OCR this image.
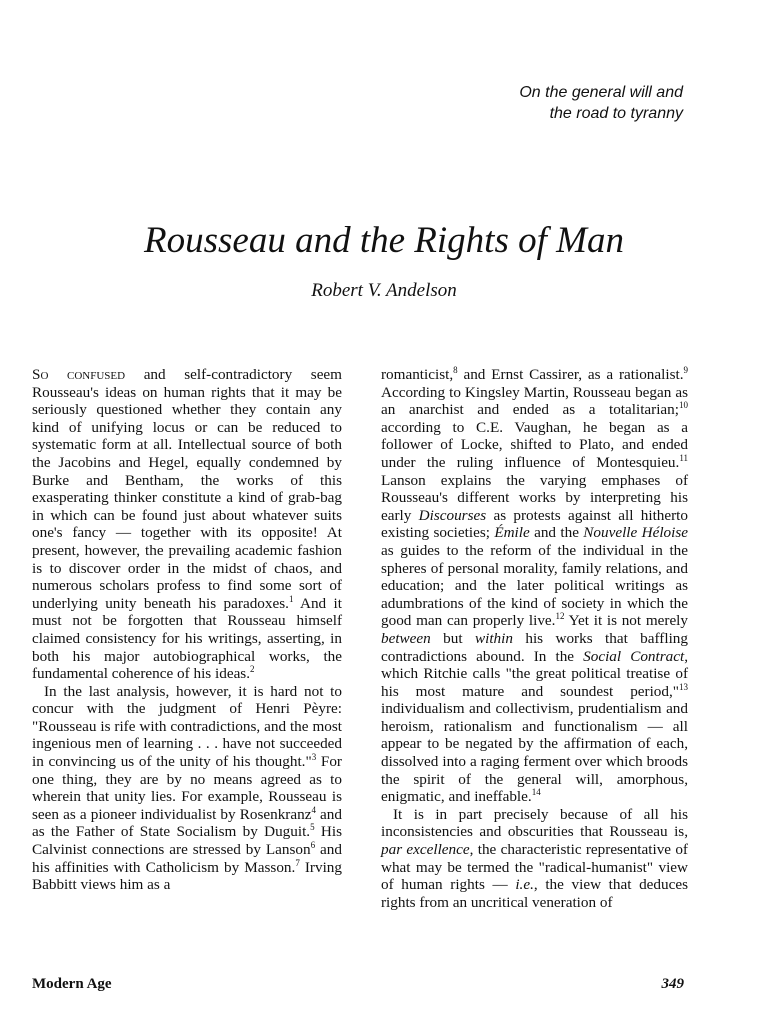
On the general will and
the road to tyranny
Rousseau and the Rights of Man
Robert V. Andelson

So confused and self-contradictory seem Rousseau's ideas on human rights that it may be seriously questioned whether they contain any kind of unifying locus or can be reduced to systematic form at all. Intellectual source of both the Jacobins and Hegel, equally condemned by Burke and Bentham, the works of this exasperating thinker constitute a kind of grab-bag in which can be found just about whatever suits one's fancy — together with its opposite! At present, however, the prevailing academic fashion is to discover order in the midst of chaos, and numerous scholars profess to find some sort of underlying unity beneath his paradoxes.$^1$ And it must not be forgotten that Rousseau himself claimed consistency for his writings, asserting, in both his major autobiographical works, the fundamental coherence of his ideas.$^2$

In the last analysis, however, it is hard not to concur with the judgment of Henri Pèyre: "Rousseau is rife with contradictions, and the most ingenious men of learning . . . have not succeeded in convincing us of the unity of his thought."$^3$ For one thing, they are by no means agreed as to wherein that unity lies. For example, Rousseau is seen as a pioneer individualist by Rosenkranz$^4$ and as the Father of State Socialism by Duguit.$^5$ His Calvinist connections are stressed by Lanson$^6$ and his affinities with Catholicism by Masson.$^7$ Irving Babbitt views him as a

romanticist,$^8$ and Ernst Cassirer, as a rationalist.$^9$ According to Kingsley Martin, Rousseau began as an anarchist and ended as a totalitarian;$^{10}$ according to C.E. Vaughan, he began as a follower of Locke, shifted to Plato, and ended under the ruling influence of Montesquieu.$^{11}$ Lanson explains the varying emphases of Rousseau's different works by interpreting his early Discourses as protests against all hitherto existing societies; Émile and the Nouvelle Héloise as guides to the reform of the individual in the spheres of personal morality, family relations, and education; and the later political writings as adumbrations of the kind of society in which the good man can properly live.$^{12}$ Yet it is not merely between but within his works that baffling contradictions abound. In the Social Contract, which Ritchie calls "the great political treatise of his most mature and soundest period,"$^{13}$ individualism and collectivism, prudentialism and heroism, rationalism and functionalism — all appear to be negated by the affirmation of each, dissolved into a raging ferment over which broods the spirit of the general will, amorphous, enigmatic, and ineffable.$^{14}$

It is in part precisely because of all his inconsistencies and obscurities that Rousseau is, par excellence, the characteristic representative of what may be termed the "radical-humanist" view of human rights — i.e., the view that deduces rights from an uncritical veneration of

Modern Age	349
